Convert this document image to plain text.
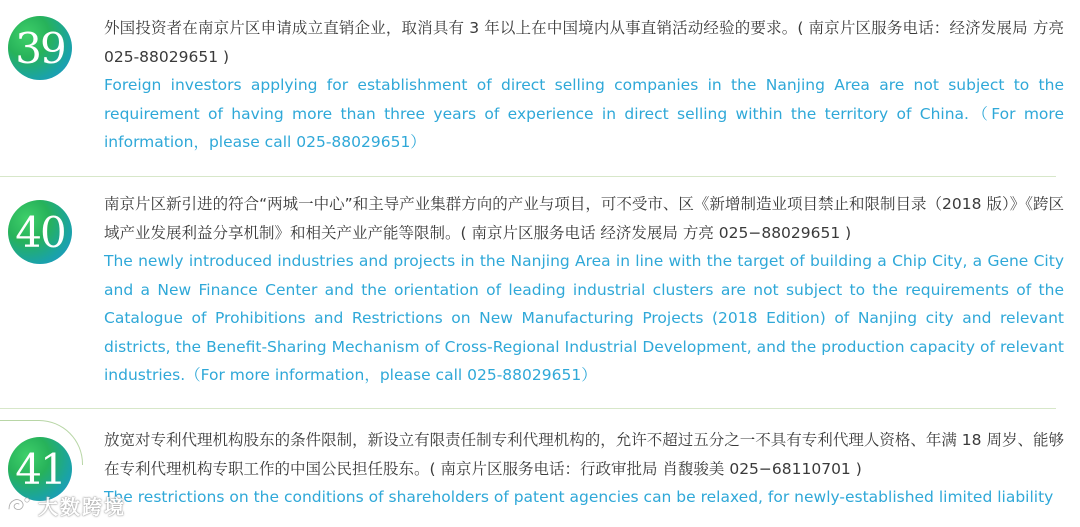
39	外国投资者在南京片区申请成立直销企业，取消具有 3 年以上在中国境内从事直销活动经验的要求。( 南京片区服务电话：经济发展局 方亮 025-88029651 )

Foreign investors applying for establishment of direct selling companies in the Nanjing Area are not subject to the requirement of having more than three years of experience in direct selling within the territory of China.（For more information，please call 025-88029651）

40

南京片区新引进的符合“两城一中心”和主导产业集群方向的产业与项目，可不受市、区《新增制造业项目禁止和限制目录（2018 版）》《跨区域产业发展利益分享机制》和相关产业产能等限制。( 南京片区服务电话 经济发展局 方亮 025−88029651 )

The newly introduced industries and projects in the Nanjing Area in line with the target of building a Chip City, a Gene City and a New Finance Center and the orientation of leading industrial clusters are not subject to the requirements of the Catalogue of Prohibitions and Restrictions on New Manufacturing Projects (2018 Edition) of Nanjing city and relevant districts, the Benefit-Sharing Mechanism of Cross-Regional Industrial Development, and the production capacity of relevant industries.（For more information，please call 025-88029651）

41

放宽对专利代理机构股东的条件限制，新设立有限责任制专利代理机构的，允许不超过五分之一不具有专利代理人资格、年满 18 周岁、能够在专利代理机构专职工作的中国公民担任股东。( 南京片区服务电话：行政审批局 肖馥骏美 025−68110701 )

The restrictions on the conditions of shareholders of patent agencies can be relaxed, for newly-established limited liability

大数跨境
